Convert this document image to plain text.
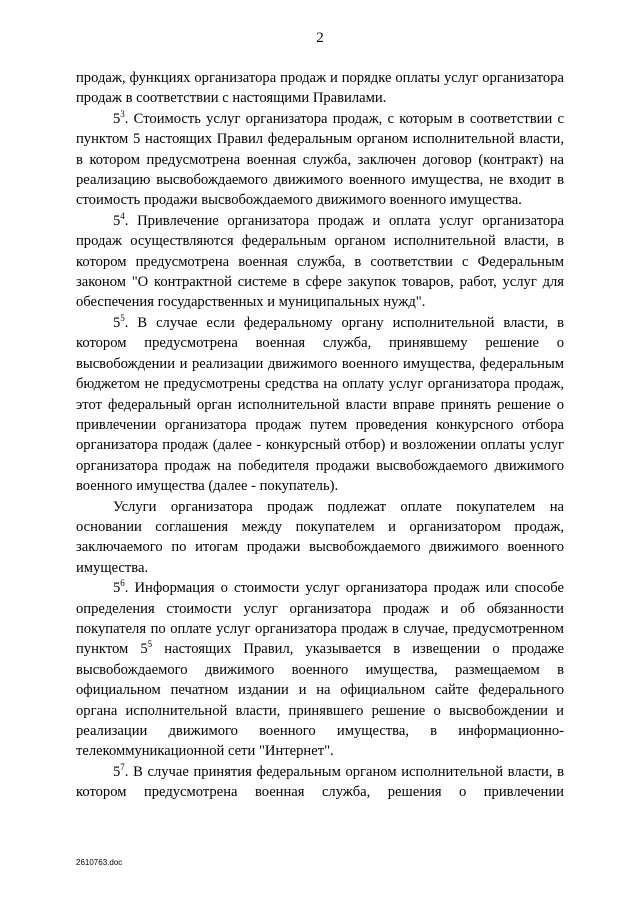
2

продаж, функциях организатора продаж и порядке оплаты услуг организатора продаж в соответствии с настоящими Правилами.

$5^3$. Стоимость услуг организатора продаж, с которым в соответствии с пунктом 5 настоящих Правил федеральным органом исполнительной власти, в котором предусмотрена военная служба, заключен договор (контракт) на реализацию высвобождаемого движимого военного имущества, не входит в стоимость продажи высвобождаемого движимого военного имущества.

$5^4$. Привлечение организатора продаж и оплата услуг организатора продаж осуществляются федеральным органом исполнительной власти, в котором предусмотрена военная служба, в соответствии с Федеральным законом "О контрактной системе в сфере закупок товаров, работ, услуг для обеспечения государственных и муниципальных нужд".

$5^5$. В случае если федеральному органу исполнительной власти, в котором предусмотрена военная служба, принявшему решение о высвобождении и реализации движимого военного имущества, федеральным бюджетом не предусмотрены средства на оплату услуг организатора продаж, этот федеральный орган исполнительной власти вправе принять решение о привлечении организатора продаж путем проведения конкурсного отбора организатора продаж (далее - конкурсный отбор) и возложении оплаты услуг организатора продаж на победителя продажи высвобождаемого движимого военного имущества (далее - покупатель).

Услуги организатора продаж подлежат оплате покупателем на основании соглашения между покупателем и организатором продаж, заключаемого по итогам продажи высвобождаемого движимого военного имущества.

$5^6$. Информация о стоимости услуг организатора продаж или способе определения стоимости услуг организатора продаж и об обязанности покупателя по оплате услуг организатора продаж в случае, предусмотренном пунктом $5^5$ настоящих Правил, указывается в извещении о продаже высвобождаемого движимого военного имущества, размещаемом в официальном печатном издании и на официальном сайте федерального органа исполнительной власти, принявшего решение о высвобождении и реализации движимого военного имущества, в информационно-телекоммуникационной сети "Интернет".

$5^7$. В случае принятия федеральным органом исполнительной власти, в котором предусмотрена военная служба, решения о привлечении

2610763.doc
